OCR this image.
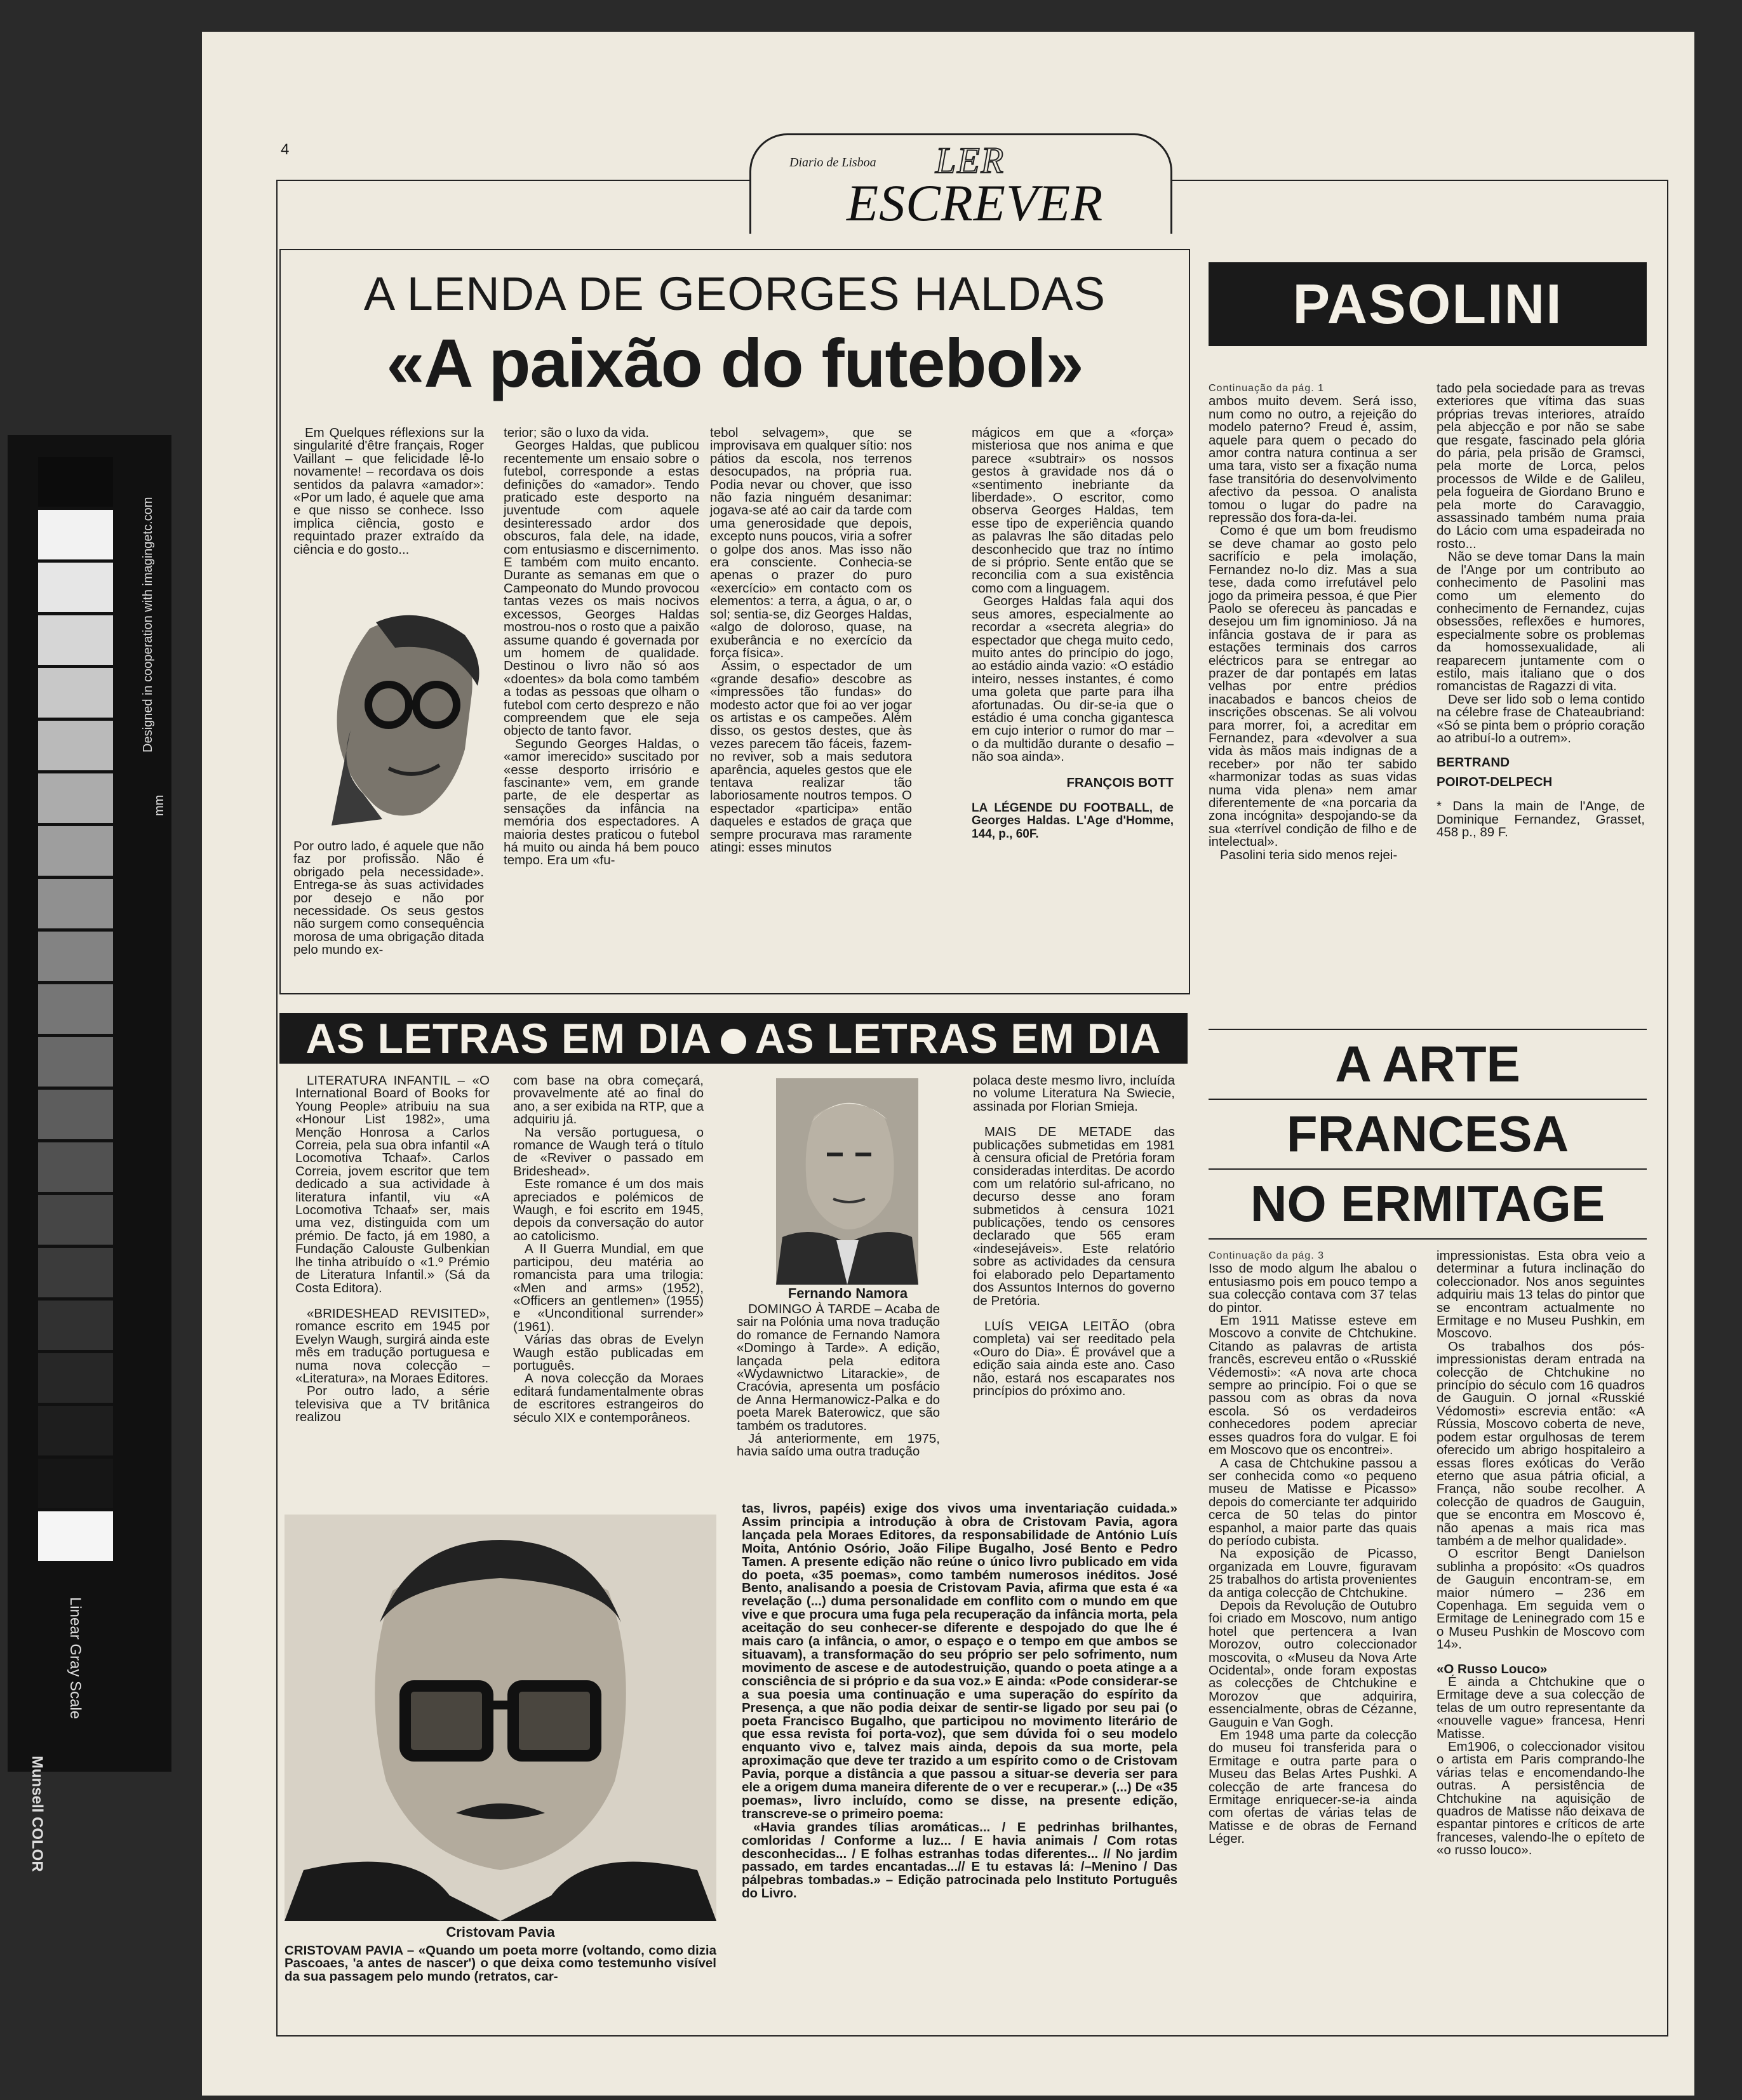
Designed in cooperation with imagingetc.com
mm
Munsell COLOR
Linear Gray Scale
4
Diario de Lisboa LER
ESCREVER
A LENDA DE GEORGES HALDAS
«A paixão do futebol»

Em Quelques réflexions sur la singularité d'être français, Roger Vaillant – que felicidade lê-lo novamente! – recordava os dois sentidos da palavra «amador»: «Por um lado, é aquele que ama e que nisso se conhece. Isso implica ciência, gosto e requintado prazer extraído da ciência e do gosto...

Por outro lado, é aquele que não faz por profissão. Não é obrigado pela necessidade». Entrega-se às suas actividades por desejo e não por necessidade. Os seus gestos não surgem como consequência morosa de uma obrigação ditada pelo mundo ex-

terior; são o luxo da vida.

Georges Haldas, que publicou recentemente um ensaio sobre o futebol, corresponde a estas definições do «amador». Tendo praticado este desporto na juventude com aquele desinteressado ardor dos obscuros, fala dele, na idade, com entusiasmo e discernimento. E também com muito encanto. Durante as semanas em que o Campeonato do Mundo provocou tantas vezes os mais nocivos excessos, Georges Haldas mostrou-nos o rosto que a paixão assume quando é governada por um homem de qualidade. Destinou o livro não só aos «doentes» da bola como também a todas as pessoas que olham o futebol com certo desprezo e não compreendem que ele seja objecto de tanto favor.

Segundo Georges Haldas, o «amor imerecido» suscitado por «esse desporto irrisório e fascinante» vem, em grande parte, de ele despertar as sensações da infância na memória dos espectadores. A maioria destes praticou o futebol há muito ou ainda há bem pouco tempo. Era um «fu-

tebol selvagem», que se improvisava em qualquer sítio: nos pátios da escola, nos terrenos desocupados, na própria rua. Podia nevar ou chover, que isso não fazia ninguém desanimar: jogava-se até ao cair da tarde com uma generosidade que depois, excepto nuns poucos, viria a sofrer o golpe dos anos. Mas isso não era consciente. Conhecia-se apenas o prazer do puro «exercício» em contacto com os elementos: a terra, a água, o ar, o sol; sentia-se, diz Georges Haldas, «algo de doloroso, quase, na exuberância e no exercício da força física».

Assim, o espectador de um «grande desafio» descobre as «impressões tão fundas» do modesto actor que foi ao ver jogar os artistas e os campeões. Além disso, os gestos destes, que às vezes parecem tão fáceis, fazem-no reviver, sob a mais sedutora aparência, aqueles gestos que ele tentava realizar tão laboriosamente noutros tempos. O espectador «participa» então daqueles e estados de graça que sempre procurava mas raramente atingi: esses minutos

mágicos em que a «força» misteriosa que nos anima e que parece «subtrair» os nossos gestos à gravidade nos dá o «sentimento inebriante da liberdade». O escritor, como observa Georges Haldas, tem esse tipo de experiência quando as palavras lhe são ditadas pelo desconhecido que traz no íntimo de si próprio. Sente então que se reconcilia com a sua existência como com a linguagem.

Georges Haldas fala aqui dos seus amores, especialmente ao recordar a «secreta alegria» do espectador que chega muito cedo, muito antes do princípio do jogo, ao estádio ainda vazio: «O estádio inteiro, nesses instantes, é como uma goleta que parte para ilha afortunadas. Ou dir-se-ia que o estádio é uma concha gigantesca em cujo interior o rumor do mar – o da multidão durante o desafio – não soa ainda».

FRANÇOIS BOTT

LA LÉGENDE DU FOOTBALL, de Georges Haldas. L'Age d'Homme, 144, p., 60F.

PASOLINI

Continuação da pág. 1

ambos muito devem. Será isso, num como no outro, a rejeição do modelo paterno? Freud é, assim, aquele para quem o pecado do amor contra natura continua a ser uma tara, visto ser a fixação numa fase transitória do desenvolvimento afectivo da pessoa. O analista tomou o lugar do padre na repressão dos fora-da-lei.

Como é que um bom freudismo se deve chamar ao gosto pelo sacrifício e pela imolação, Fernandez no-lo diz. Mas a sua tese, dada como irrefutável pelo jogo da primeira pessoa, é que Pier Paolo se ofereceu às pancadas e desejou um fim ignominioso. Já na infância gostava de ir para as estações terminais dos carros eléctricos para se entregar ao prazer de dar pontapés em latas velhas por entre prédios inacabados e bancos cheios de inscrições obscenas. Se ali volvou para morrer, foi, a acreditar em Fernandez, para «devolver a sua vida às mãos mais indignas de a receber» por não ter sabido «harmonizar todas as suas vidas numa vida plena» nem amar diferentemente de «na porcaria da zona incógnita» despojando-se da sua «terrível condição de filho e de intelectual».

Pasolini teria sido menos rejei-

tado pela sociedade para as trevas exteriores que vítima das suas próprias trevas interiores, atraído pela abjecção e por não se sabe que resgate, fascinado pela glória do pária, pela prisão de Gramsci, pela morte de Lorca, pelos processos de Wilde e de Galileu, pela fogueira de Giordano Bruno e pela morte do Caravaggio, assassinado também numa praia do Lácio com uma espadeirada no rosto...

Não se deve tomar Dans la main de l'Ange por um contributo ao conhecimento de Pasolini mas como um elemento do conhecimento de Fernandez, cujas obsessões, reflexões e humores, especialmente sobre os problemas da homossexualidade, ali reaparecem juntamente com o estilo, mais italiano que o dos romancistas de Ragazzi di vita.

Deve ser lido sob o lema contido na célebre frase de Chateaubriand: «Só se pinta bem o próprio coração ao atribuí-lo a outrem».

BERTRAND

POIROT-DELPECH

* Dans la main de l'Ange, de Dominique Fernandez, Grasset, 458 p., 89 F.

AS LETRAS EM DIA AS LETRAS EM DIA

LITERATURA INFANTIL – «O International Board of Books for Young People» atribuiu na sua «Honour List 1982», uma Menção Honrosa a Carlos Correia, pela sua obra infantil «A Locomotiva Tchaaf». Carlos Correia, jovem escritor que tem dedicado a sua actividade à literatura infantil, viu «A Locomotiva Tchaaf» ser, mais uma vez, distinguida com um prémio. De facto, já em 1980, a Fundação Calouste Gulbenkian lhe tinha atribuído o «1.º Prémio de Literatura Infantil.» (Sá da Costa Editora).

«BRIDESHEAD REVISITED», romance escrito em 1945 por Evelyn Waugh, surgirá ainda este mês em tradução portuguesa e numa nova colecção – «Literatura», na Moraes Editores.

Por outro lado, a série televisiva que a TV britânica realizou

com base na obra começará, provavelmente até ao final do ano, a ser exibida na RTP, que a adquiriu já.

Na versão portuguesa, o romance de Waugh terá o título de «Reviver o passado em Brideshead».

Este romance é um dos mais apreciados e polémicos de Waugh, e foi escrito em 1945, depois da conversação do autor ao catolicismo.

A II Guerra Mundial, em que participou, deu matéria ao romancista para uma trilogia: «Men and arms» (1952), «Officers an gentlemen» (1955) e «Unconditional surrender» (1961).

Várias das obras de Evelyn Waugh estão publicadas em português.

A nova colecção da Moraes editará fundamentalmente obras de escritores estrangeiros do século XIX e contemporâneos.

Fernando Namora

DOMINGO À TARDE – Acaba de sair na Polónia uma nova tradução do romance de Fernando Namora «Domingo à Tarde». A edição, lançada pela editora «Wydawnictwo Litarackie», de Cracóvia, apresenta um posfácio de Anna Hermanowicz-Palka e do poeta Marek Baterowicz, que são também os tradutores.

Já anteriormente, em 1975, havia saído uma outra tradução

polaca deste mesmo livro, incluída no volume Literatura Na Swiecie, assinada por Florian Smieja.

MAIS DE METADE das publicações submetidas em 1981 à censura oficial de Pretória foram consideradas interditas. De acordo com um relatório sul-africano, no decurso desse ano foram submetidos à censura 1021 publicações, tendo os censores declarado que 565 eram «indesejáveis». Este relatório sobre as actividades da censura foi elaborado pelo Departamento dos Assuntos Internos do governo de Pretória.

LUÍS VEIGA LEITÃO (obra completa) vai ser reeditado pela «Ouro do Dia». É provável que a edição saia ainda este ano. Caso não, estará nos escaparates nos princípios do próximo ano.

A ARTE
FRANCESA
NO ERMITAGE

Continuação da pág. 3

Isso de modo algum lhe abalou o entusiasmo pois em pouco tempo a sua colecção contava com 37 telas do pintor.

Em 1911 Matisse esteve em Moscovo a convite de Chtchukine. Citando as palavras de artista francês, escreveu então o «Russkié Védemosti»: «A nova arte choca sempre ao princípio. Foi o que se passou com as obras da nova escola. Só os verdadeiros conhecedores podem apreciar esses quadros fora do vulgar. E foi em Moscovo que os encontrei».

A casa de Chtchukine passou a ser conhecida como «o pequeno museu de Matisse e Picasso» depois do comerciante ter adquirido cerca de 50 telas do pintor espanhol, a maior parte das quais do período cubista.

Na exposição de Picasso, organizada em Louvre, figuravam 25 trabalhos do artista provenientes da antiga colecção de Chtchukine.

Depois da Revolução de Outubro foi criado em Moscovo, num antigo hotel que pertencera a Ivan Morozov, outro coleccionador moscovita, o «Museu da Nova Arte Ocidental», onde foram expostas as colecções de Chtchukine e Morozov que adquirira, essencialmente, obras de Cézanne, Gauguin e Van Gogh.

Em 1948 uma parte da colecção do museu foi transferida para o Ermitage e outra parte para o Museu das Belas Artes Pushki. A colecção de arte francesa do Ermitage enriquecer-se-ia ainda com ofertas de várias telas de Matisse e de obras de Fernand Léger.

impressionistas. Esta obra veio a determinar a futura inclinação do coleccionador. Nos anos seguintes adquiriu mais 13 telas do pintor que se encontram actualmente no Ermitage e no Museu Pushkin, em Moscovo.

Os trabalhos dos pós-impressionistas deram entrada na colecção de Chtchukine no princípio do século com 16 quadros de Gauguin. O jornal «Russkié Védomosti» escrevia então: «A Rússia, Moscovo coberta de neve, podem estar orgulhosas de terem oferecido um abrigo hospitaleiro a essas flores exóticas do Verão eterno que asua pátria oficial, a França, não soube recolher. A colecção de quadros de Gauguin, que se encontra em Moscovo é, não apenas a mais rica mas também a de melhor qualidade».

O escritor Bengt Danielson sublinha a propósito: «Os quadros de Gauguin encontram-se, em maior número – 236 em Copenhaga. Em seguida vem o Ermitage de Leninegrado com 15 e o Museu Pushkin de Moscovo com 14».

«O Russo Louco»

É ainda a Chtchukine que o Ermitage deve a sua colecção de telas de um outro representante da «nouvelle vague» francesa, Henri Matisse.

Em1906, o coleccionador visitou o artista em Paris comprando-lhe várias telas e encomendando-lhe outras. A persistência de Chtchukine na aquisição de quadros de Matisse não deixava de espantar pintores e críticos de arte franceses, valendo-lhe o epíteto de «o russo louco».

Cristovam Pavia

CRISTOVAM PAVIA – «Quando um poeta morre (voltando, como dizia Pascoaes, 'a antes de nascer') o que deixa como testemunho visível da sua passagem pelo mundo (retratos, car-

tas, livros, papéis) exige dos vivos uma inventariação cuidada.» Assim principia a introdução à obra de Cristovam Pavia, agora lançada pela Moraes Editores, da responsabilidade de António Luís Moita, António Osório, João Filipe Bugalho, José Bento e Pedro Tamen. A presente edição não reúne o único livro publicado em vida do poeta, «35 poemas», como também numerosos inéditos. José Bento, analisando a poesia de Cristovam Pavia, afirma que esta é «a revelação (...) duma personalidade em conflito com o mundo em que vive e que procura uma fuga pela recuperação da infância morta, pela aceitação do seu conhecer-se diferente e despojado do que lhe é mais caro (a infância, o amor, o espaço e o tempo em que ambos se situavam), a transformação do seu próprio ser pelo sofrimento, num movimento de ascese e de autodestruição, quando o poeta atinge a a consciência de si próprio e da sua voz.» E ainda: «Pode considerar-se a sua poesia uma continuação e uma superação do espírito da Presença, a que não podia deixar de sentir-se ligado por seu pai (o poeta Francisco Bugalho, que participou no movimento literário de que essa revista foi porta-voz), que sem dúvida foi o seu modelo enquanto vivo e, talvez mais ainda, depois da sua morte, pela aproximação que deve ter trazido a um espírito como o de Cristovam Pavia, porque a distância a que passou a situar-se deveria ser para ele a origem duma maneira diferente de o ver e recuperar.» (...) De «35 poemas», livro incluído, como se disse, na presente edição, transcreve-se o primeiro poema:

«Havia grandes tílias aromáticas... / E pedrinhas brilhantes, comloridas / Conforme a luz... / E havia animais / Com rotas desconhecidas... / E folhas estranhas todas diferentes... // No jardim passado, em tardes encantadas...// E tu estavas lá: /–Menino / Das pálpebras tombadas.» – Edição patrocinada pelo Instituto Português do Livro.
